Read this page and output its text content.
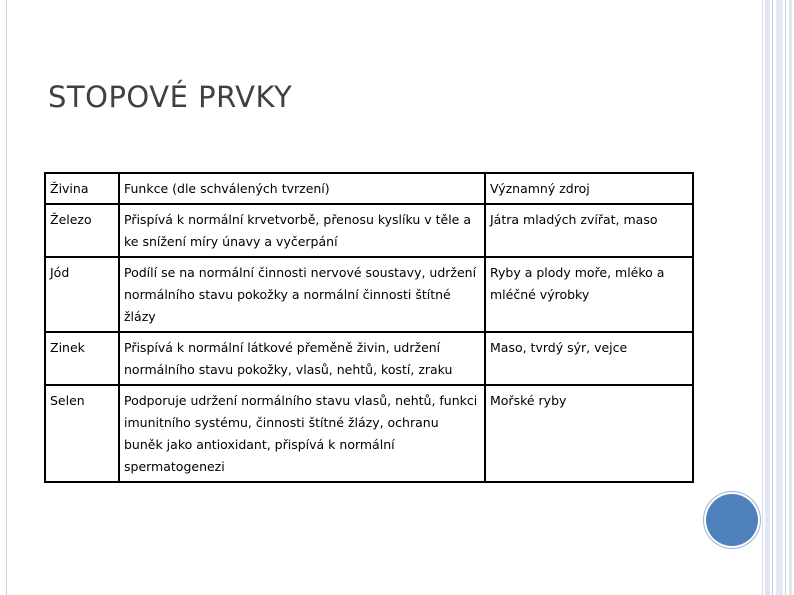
STOPOVÉ PRVKY
Živina	Funkce (dle schválených tvrzení)	Významný zdroj
Železo	Přispívá k normální krvetvorbě, přenosu kyslíku v těle a ke snížení míry únavy a vyčerpání	Játra mladých zvířat, maso
Jód	Podílí se na normální činnosti nervové soustavy, udržení normálního stavu pokožky a normální činnosti štítné žlázy	Ryby a plody moře, mléko a mléčné výrobky
Zinek	Přispívá k normální látkové přeměně živin, udržení normálního stavu pokožky, vlasů, nehtů, kostí, zraku	Maso, tvrdý sýr, vejce
Selen	Podporuje udržení normálního stavu vlasů, nehtů, funkci imunitního systému, činnosti štítné žlázy, ochranu buněk jako antioxidant, přispívá k normální spermatogenezi	Mořské ryby
